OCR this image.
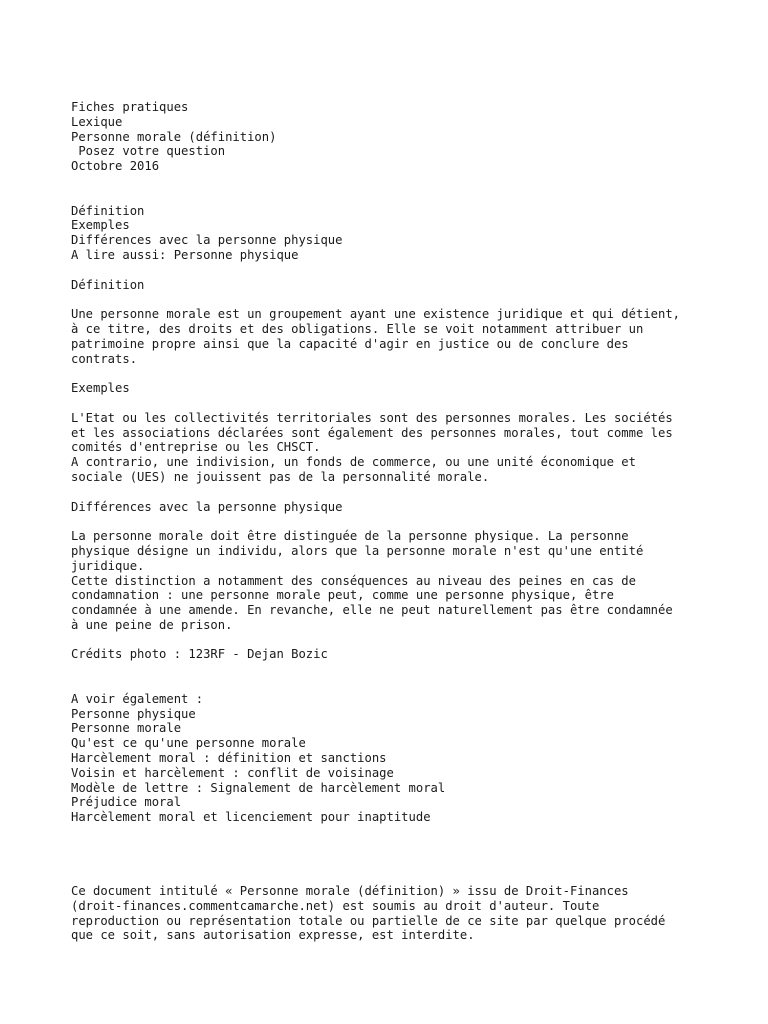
Fiches pratiques
Lexique
Personne morale (définition)
Posez votre question
Octobre 2016
Définition
Exemples
Différences avec la personne physique
A lire aussi: Personne physique
Définition
Une personne morale est un groupement ayant une existence juridique et qui détient,
à ce titre, des droits et des obligations. Elle se voit notamment attribuer un
patrimoine propre ainsi que la capacité d'agir en justice ou de conclure des
contrats.
Exemples
L'Etat ou les collectivités territoriales sont des personnes morales. Les sociétés
et les associations déclarées sont également des personnes morales, tout comme les
comités d'entreprise ou les CHSCT.
A contrario, une indivision, un fonds de commerce, ou une unité économique et
sociale (UES) ne jouissent pas de la personnalité morale.
Différences avec la personne physique
La personne morale doit être distinguée de la personne physique. La personne
physique désigne un individu, alors que la personne morale n'est qu'une entité
juridique.
Cette distinction a notamment des conséquences au niveau des peines en cas de
condamnation : une personne morale peut, comme une personne physique, être
condamnée à une amende. En revanche, elle ne peut naturellement pas être condamnée
à une peine de prison.
Crédits photo : 123RF - Dejan Bozic
A voir également :
Personne physique
Personne morale
Qu'est ce qu'une personne morale
Harcèlement moral : définition et sanctions
Voisin et harcèlement : conflit de voisinage
Modèle de lettre : Signalement de harcèlement moral
Préjudice moral
Harcèlement moral et licenciement pour inaptitude
Ce document intitulé « Personne morale (définition) » issu de Droit-Finances
(droit-finances.commentcamarche.net) est soumis au droit d'auteur. Toute
reproduction ou représentation totale ou partielle de ce site par quelque procédé
que ce soit, sans autorisation expresse, est interdite.
